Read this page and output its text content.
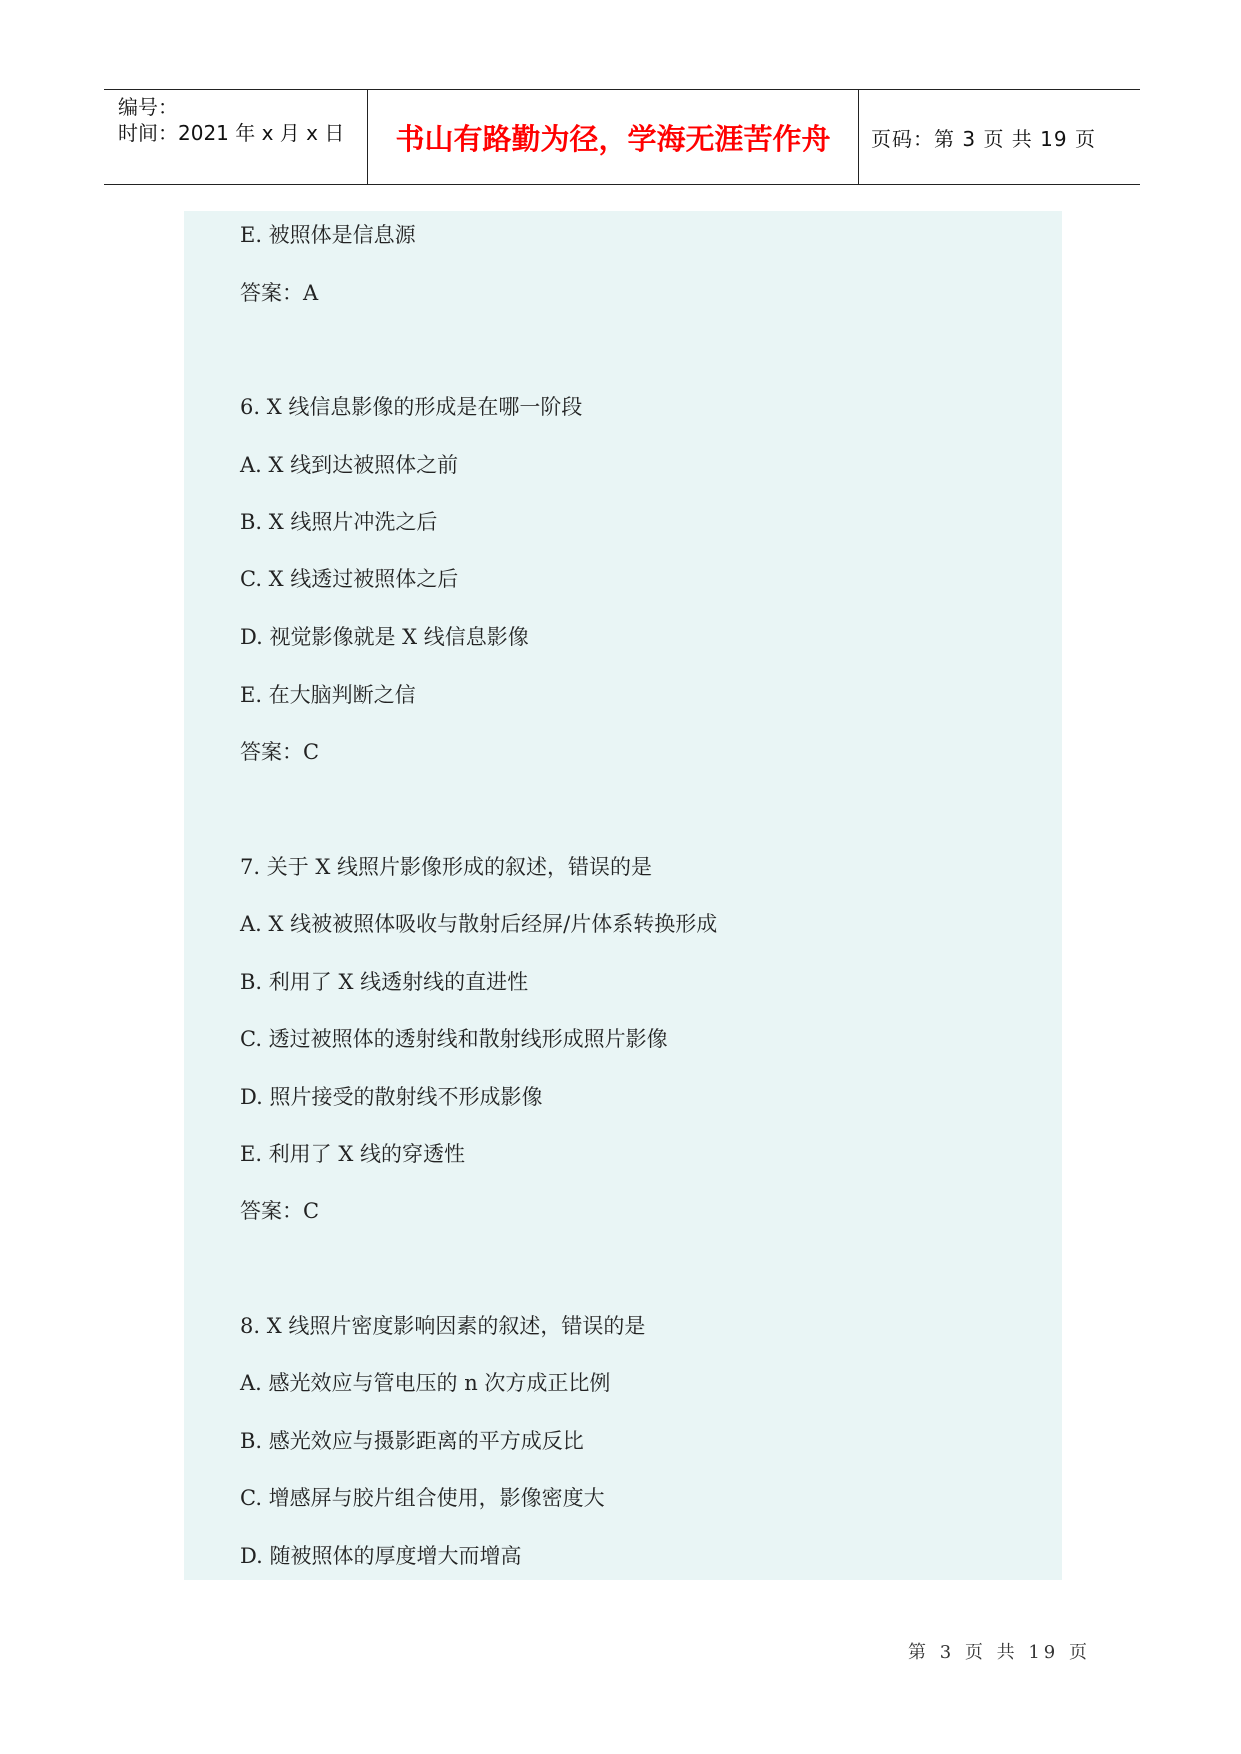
编号：
时间：2021 年 x 月 x 日	书山有路勤为径，学海无涯苦作舟 页码：第 3 页 共 19 页
E. 被照体是信息源
答案：A
6. X 线信息影像的形成是在哪一阶段
A. X 线到达被照体之前
B. X 线照片冲洗之后
C. X 线透过被照体之后
D. 视觉影像就是 X 线信息影像
E. 在大脑判断之信
答案：C
7. 关于 X 线照片影像形成的叙述，错误的是
A. X 线被被照体吸收与散射后经屏/片体系转换形成
B. 利用了 X 线透射线的直进性
C. 透过被照体的透射线和散射线形成照片影像
D. 照片接受的散射线不形成影像
E. 利用了 X 线的穿透性
答案：C
8. X 线照片密度影响因素的叙述，错误的是
A. 感光效应与管电压的 n 次方成正比例
B. 感光效应与摄影距离的平方成反比
C. 增感屏与胶片组合使用，影像密度大
D. 随被照体的厚度增大而增高
第 3 页 共 19 页
